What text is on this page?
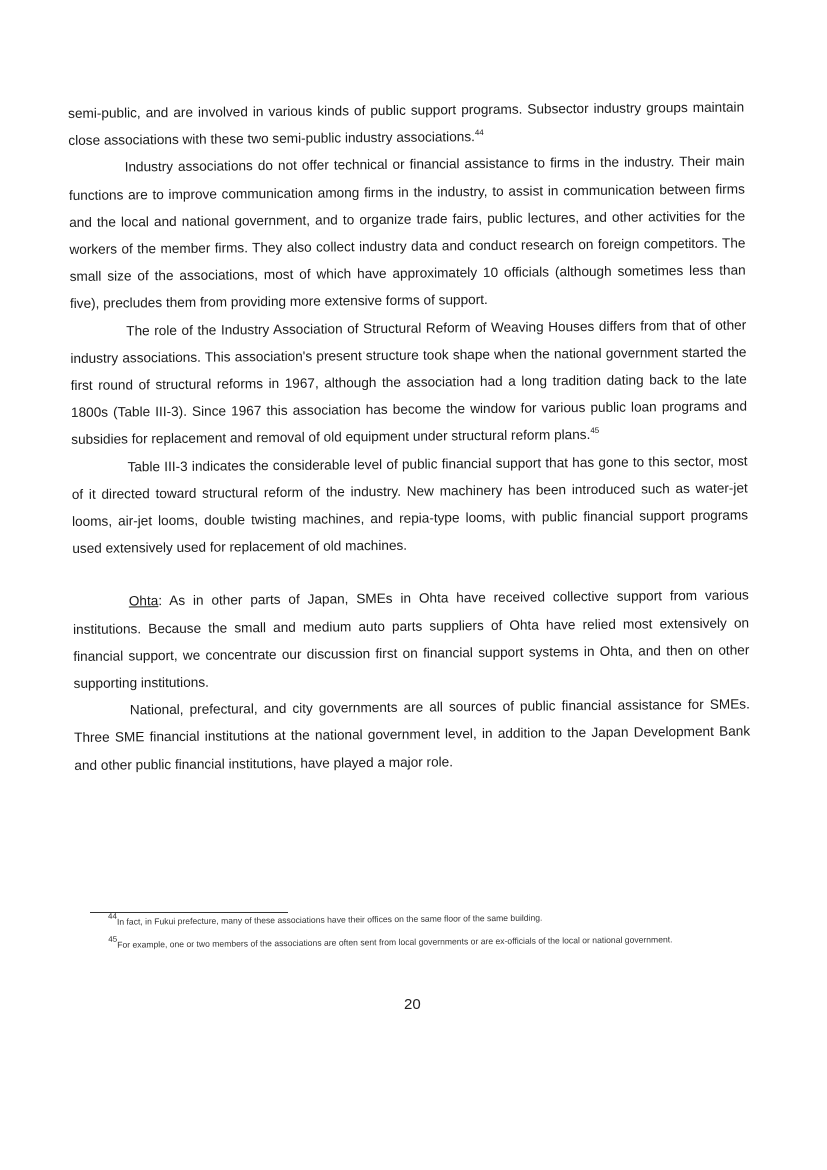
semi-public, and are involved in various kinds of public support programs. Subsector industry groups maintain close associations with these two semi-public industry associations.$^{44}$

Industry associations do not offer technical or financial assistance to firms in the industry. Their main functions are to improve communication among firms in the industry, to assist in communication between firms and the local and national government, and to organize trade fairs, public lectures, and other activities for the workers of the member firms. They also collect industry data and conduct research on foreign competitors. The small size of the associations, most of which have approximately 10 officials (although sometimes less than five), precludes them from providing more extensive forms of support.

The role of the Industry Association of Structural Reform of Weaving Houses differs from that of other industry associations. This association's present structure took shape when the national government started the first round of structural reforms in 1967, although the association had a long tradition dating back to the late 1800s (Table III-3). Since 1967 this association has become the window for various public loan programs and subsidies for replacement and removal of old equipment under structural reform plans.$^{45}$

Table III-3 indicates the considerable level of public financial support that has gone to this sector, most of it directed toward structural reform of the industry. New machinery has been introduced such as water-jet looms, air-jet looms, double twisting machines, and repia-type looms, with public financial support programs used extensively used for replacement of old machines.

Ohta: As in other parts of Japan, SMEs in Ohta have received collective support from various institutions. Because the small and medium auto parts suppliers of Ohta have relied most extensively on financial support, we concentrate our discussion first on financial support systems in Ohta, and then on other supporting institutions.

National, prefectural, and city governments are all sources of public financial assistance for SMEs. Three SME financial institutions at the national government level, in addition to the Japan Development Bank and other public financial institutions, have played a major role.

$^{44}$In fact, in Fukui prefecture, many of these associations have their offices on the same floor of the same building.

$^{45}$For example, one or two members of the associations are often sent from local governments or are ex-officials of the local or national government.

20
